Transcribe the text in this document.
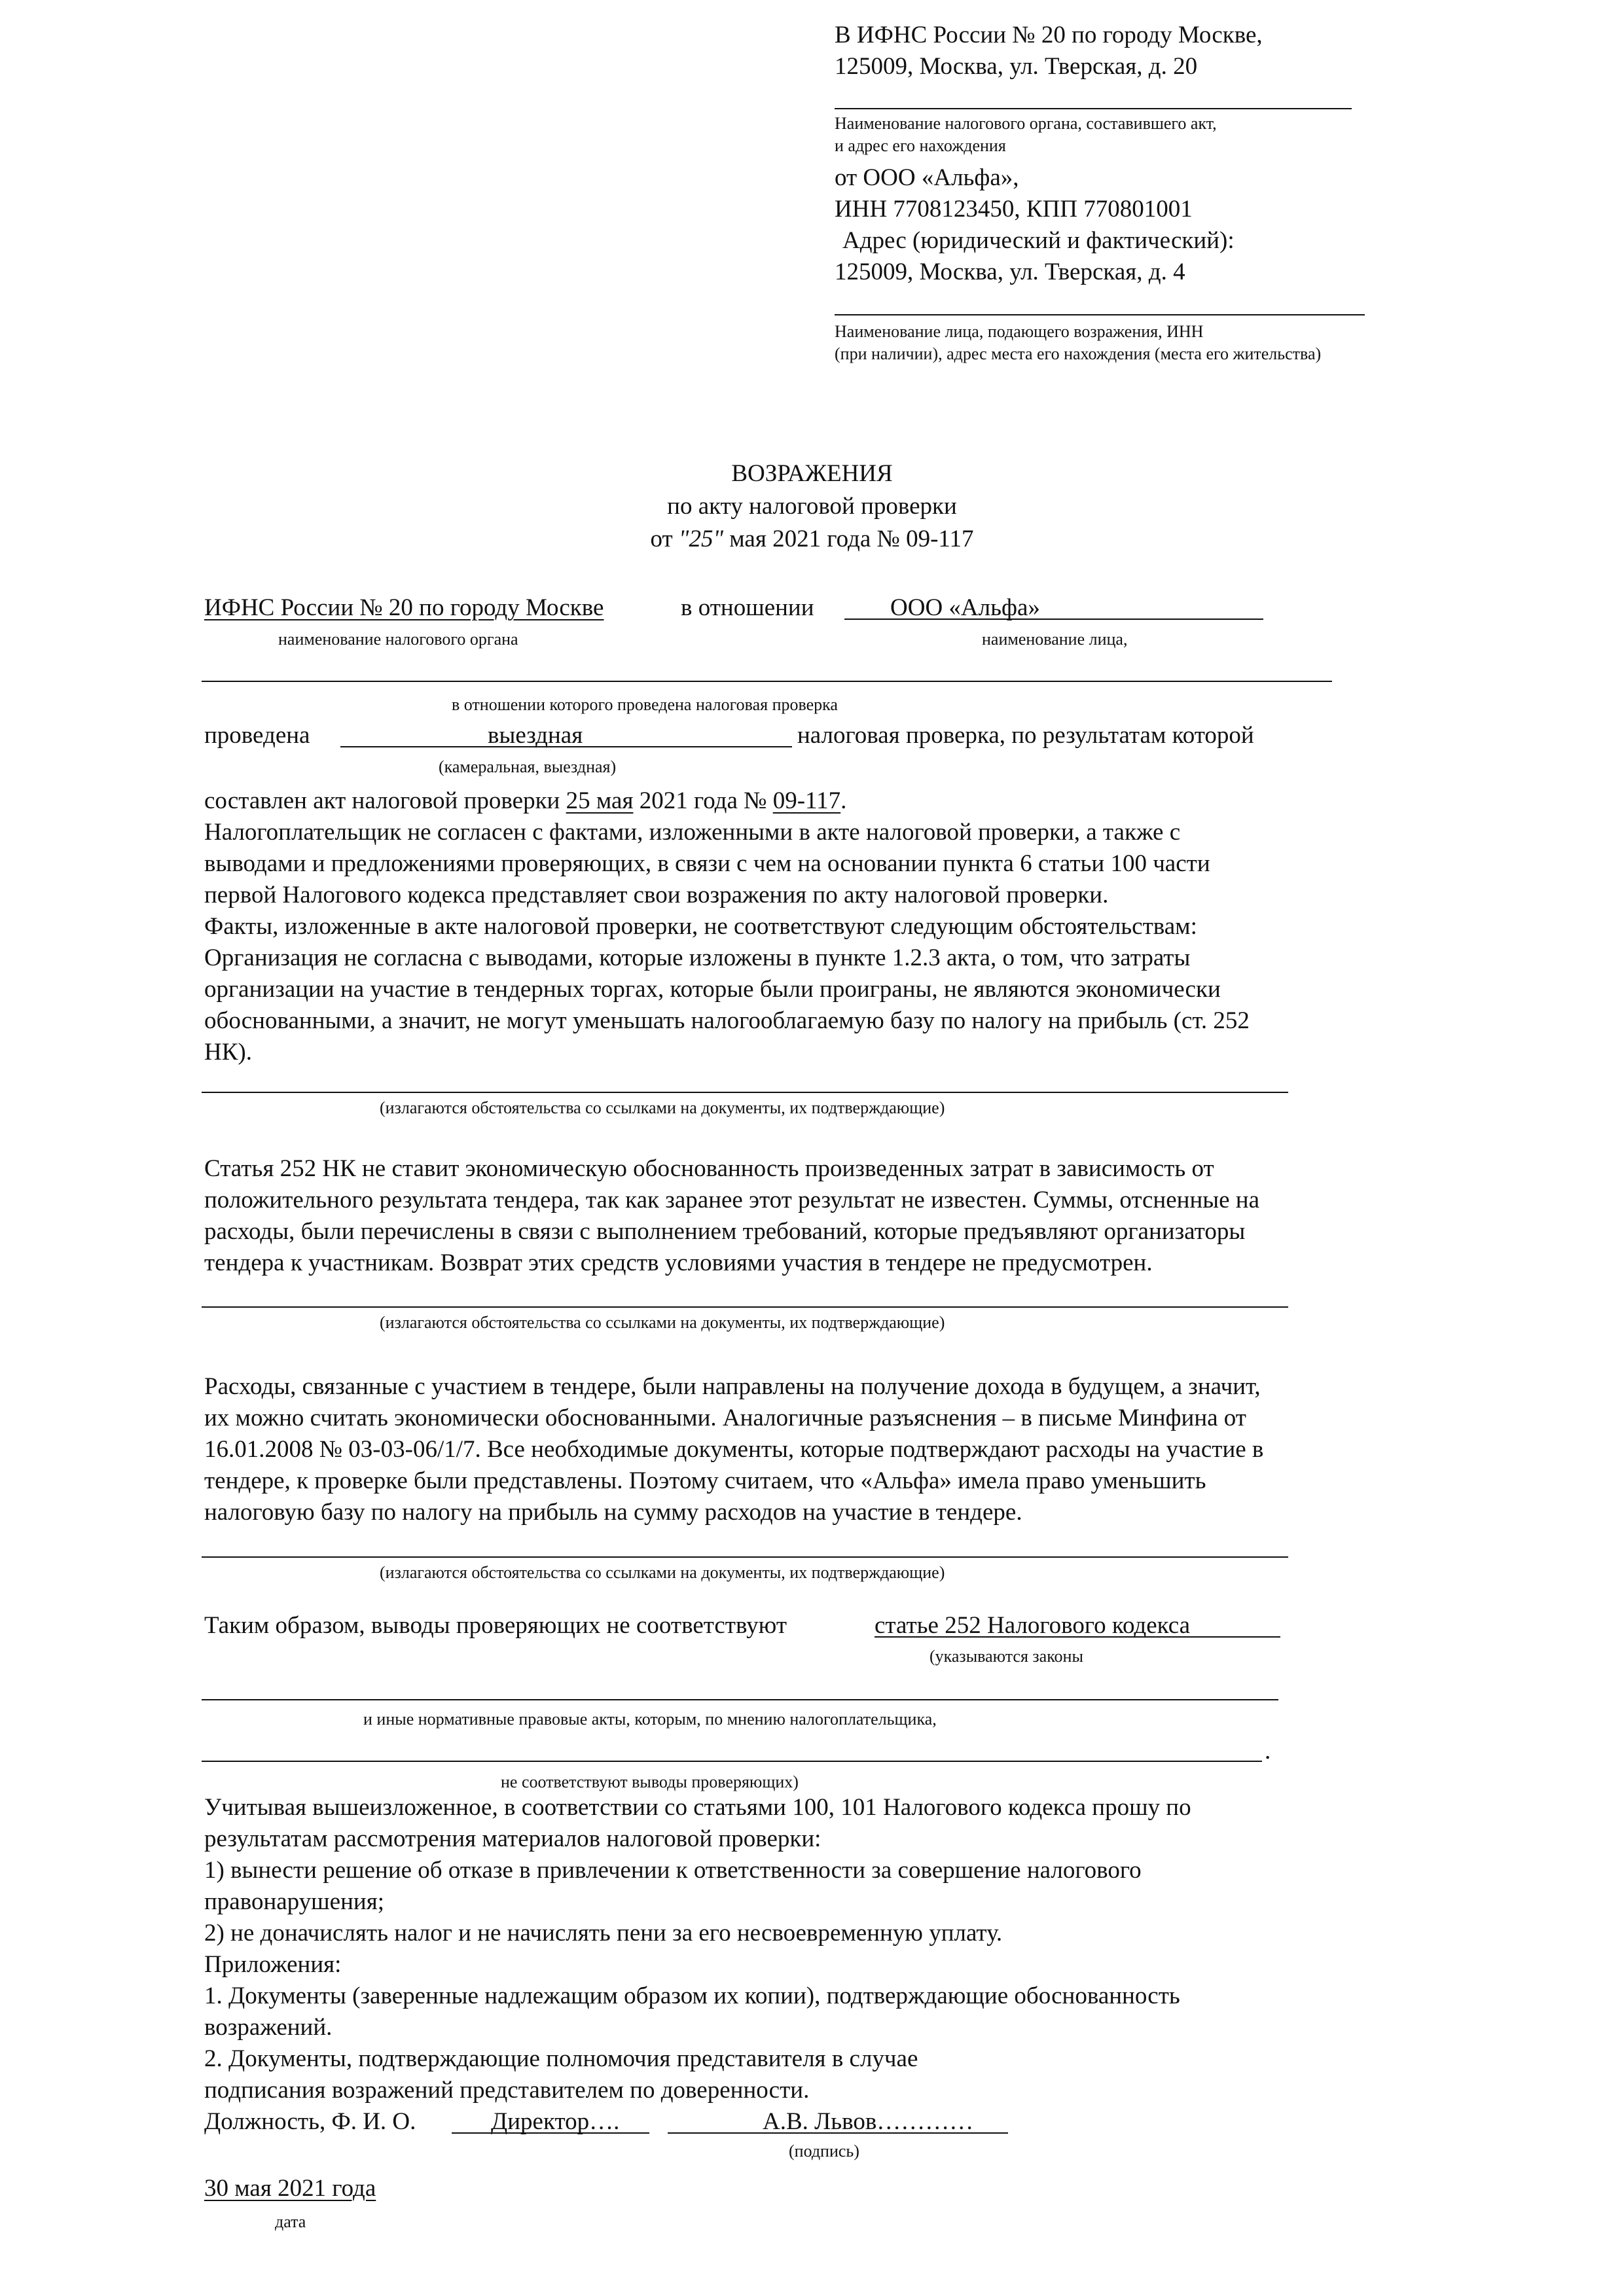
В ИФНС России № 20 по городу Москве,
125009, Москва, ул. Тверская, д. 20
Наименование налогового органа, составившего акт,
и адрес его нахождения
от ООО «Альфа»,
ИНН 7708123450, КПП 770801001
Адрес (юридический и фактический):
125009, Москва, ул. Тверская, д. 4
Наименование лица, подающего возражения, ИНН
(при наличии), адрес места его нахождения (места его жительства)
ВОЗРАЖЕНИЯ
по акту налоговой проверки
от "25" мая 2021 года № 09-117
ИФНС России № 20 по городу Москве	в отношении	ООО «Альфа»
наименование налогового органа	наименование лица,
в отношении которого проведена налоговая проверка
проведена	выездная	налоговая проверка, по результатам которой
(камеральная, выездная)
составлен акт налоговой проверки 25 мая 2021 года № 09-117.
Налогоплательщик не согласен с фактами, изложенными в акте налоговой проверки, а также с
выводами и предложениями проверяющих, в связи с чем на основании пункта 6 статьи 100 части
первой Налогового кодекса представляет свои возражения по акту налоговой проверки.
Факты, изложенные в акте налоговой проверки, не соответствуют следующим обстоятельствам:
Организация не согласна с выводами, которые изложены в пункте 1.2.3 акта, о том, что затраты
организации на участие в тендерных торгах, которые были проиграны, не являются экономически
обоснованными, а значит, не могут уменьшать налогооблагаемую базу по налогу на прибыль (ст. 252
НК).
(излагаются обстоятельства со ссылками на документы, их подтверждающие)
Статья 252 НК не ставит экономическую обоснованность произведенных затрат в зависимость от
положительного результата тендера, так как заранее этот результат не известен. Суммы, отсненные на
расходы, были перечислены в связи с выполнением требований, которые предъявляют организаторы
тендера к участникам. Возврат этих средств условиями участия в тендере не предусмотрен.
(излагаются обстоятельства со ссылками на документы, их подтверждающие)
Расходы, связанные с участием в тендере, были направлены на получение дохода в будущем, а значит,
их можно считать экономически обоснованными. Аналогичные разъяснения – в письме Минфина от
16.01.2008 № 03-03-06/1/7. Все необходимые документы, которые подтверждают расходы на участие в
тендере, к проверке были представлены. Поэтому считаем, что «Альфа» имела право уменьшить
налоговую базу по налогу на прибыль на сумму расходов на участие в тендере.
(излагаются обстоятельства со ссылками на документы, их подтверждающие)
Таким образом, выводы проверяющих не соответствуют	статье 252 Налогового кодекса
(указываются законы
и иные нормативные правовые акты, которым, по мнению налогоплательщика,
.
не соответствуют выводы проверяющих)
Учитывая вышеизложенное, в соответствии со статьями 100, 101 Налогового кодекса прошу по
результатам рассмотрения материалов налоговой проверки:
1) вынести решение об отказе в привлечении к ответственности за совершение налогового
правонарушения;
2) не доначислять налог и не начислять пени за его несвоевременную уплату.
Приложения:
1. Документы (заверенные надлежащим образом их копии), подтверждающие обоснованность
возражений.
2. Документы, подтверждающие полномочия представителя в случае
подписания возражений представителем по доверенности.
Должность, Ф. И. О.	Директор….	А.В. Львов…………
(подпись)
30 мая 2021 года
дата
